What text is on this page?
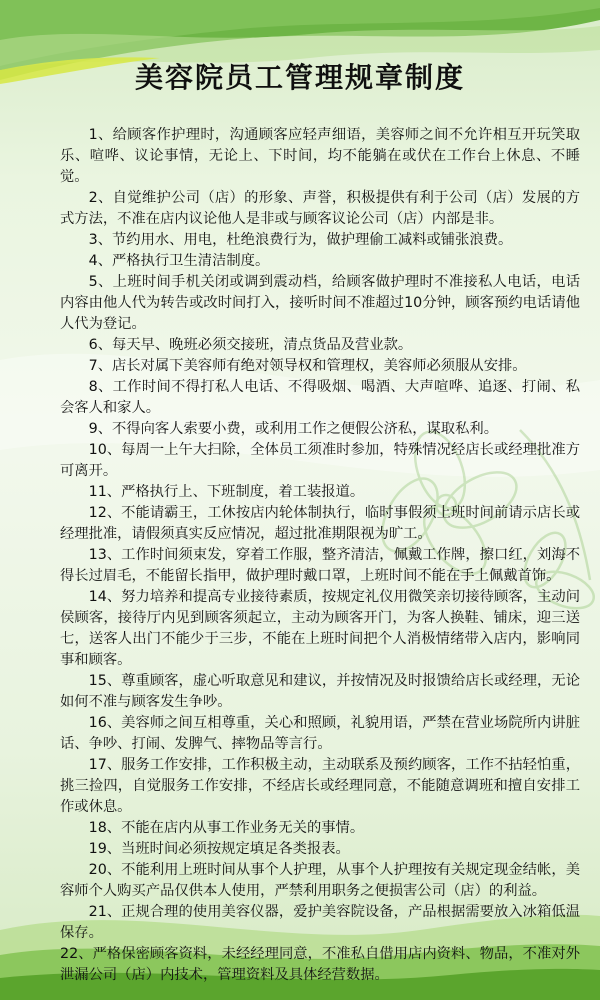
美容院员工管理规章制度

1、给顾客作护理时，沟通顾客应轻声细语，美容师之间不允许相互开玩笑取乐、喧哗、议论事情，无论上、下时间，均不能躺在或伏在工作台上休息、不睡觉。

2、自觉维护公司（店）的形象、声誉，积极提供有利于公司（店）发展的方式方法，不准在店内议论他人是非或与顾客议论公司（店）内部是非。

3、节约用水、用电，杜绝浪费行为，做护理偷工减料或铺张浪费。

4、严格执行卫生清洁制度。

5、上班时间手机关闭或调到震动档，给顾客做护理时不准接私人电话，电话内容由他人代为转告或改时间打入，接听时间不准超过10分钟，顾客预约电话请他人代为登记。

6、每天早、晚班必须交接班，清点货品及营业款。

7、店长对属下美容师有绝对领导权和管理权，美容师必须服从安排。

8、工作时间不得打私人电话、不得吸烟、喝酒、大声喧哗、追逐、打闹、私会客人和家人。

9、不得向客人索要小费，或利用工作之便假公济私，谋取私利。

10、每周一上午大扫除，全体员工须准时参加，特殊情况经店长或经理批准方可离开。

11、严格执行上、下班制度，着工装报道。

12、不能请霸王，工休按店内轮体制执行，临时事假须上班时间前请示店长或经理批准，请假须真实反应情况，超过批准期限视为旷工。

13、工作时间须束发，穿着工作服，整齐清洁，佩戴工作牌，擦口红，刘海不得长过眉毛，不能留长指甲，做护理时戴口罩，上班时间不能在手上佩戴首饰。

14、努力培养和提高专业接待素质，按规定礼仪用微笑亲切接待顾客，主动问侯顾客，接待厅内见到顾客须起立，主动为顾客开门，为客人换鞋、铺床，迎三送七，送客人出门不能少于三步，不能在上班时间把个人消极情绪带入店内，影响同事和顾客。

15、尊重顾客，虚心听取意见和建议，并按情况及时报馈给店长或经理，无论如何不准与顾客发生争吵。

16、美容师之间互相尊重，关心和照顾，礼貌用语，严禁在营业场院所内讲脏话、争吵、打闹、发脾气、摔物品等言行。

17、服务工作安排，工作积极主动，主动联系及预约顾客，工作不拈轻怕重，挑三捡四，自觉服务工作安排，不经店长或经理同意，不能随意调班和擅自安排工作或休息。

18、不能在店内从事工作业务无关的事情。

19、当班时间必须按规定填足各类报表。

20、不能利用上班时间从事个人护理，从事个人护理按有关规定现金结帐，美容师个人购买产品仅供本人使用，严禁利用职务之便损害公司（店）的利益。

21、正规合理的使用美容仪器，爱护美容院设备，产品根据需要放入冰箱低温保存。

22、严格保密顾客资料，未经经理同意，不准私自借用店内资料、物品，不准对外泄漏公司（店）内技术，管理资料及具体经营数据。
